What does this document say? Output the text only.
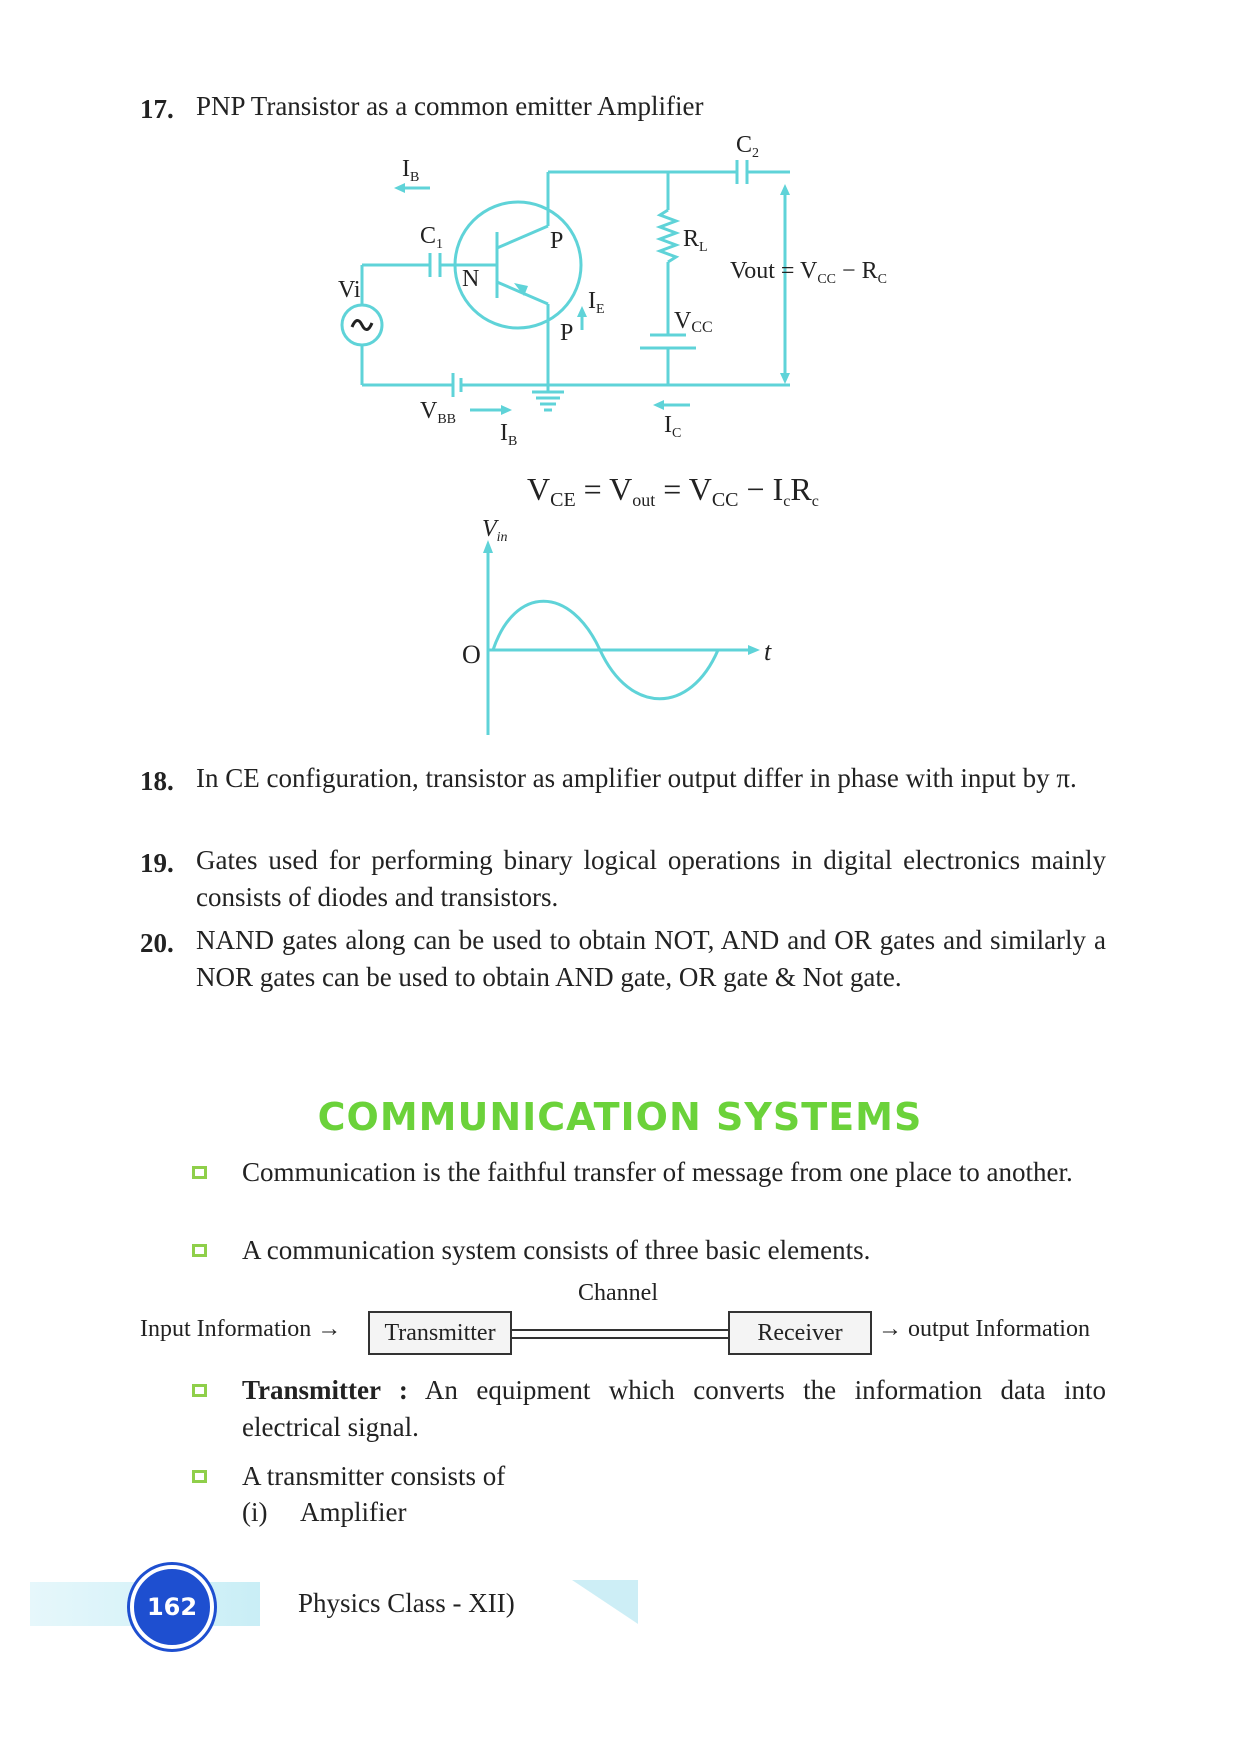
17. PNP Transistor as a common emitter Amplifier
$I_B$
$C_1$
$C_2$
P
N
P
$R_L$
Vi	$I_E$	VCC
Vout = $V_{CC} - R_C$
$V_{BB}$
$I_B$
$I_C$
VCE = Vout = VCC − IcRc
$V_{in}$
O	t
18. In CE configuration, transistor as amplifier output differ in phase with input by π.
19. Gates used for performing binary logical operations in digital electronics mainly consists of diodes and transistors.
20. NAND gates along can be used to obtain NOT, AND and OR gates and similarly a NOR gates can be used to obtain AND gate, OR gate & Not gate.
COMMUNICATION SYSTEMS
Communication is the faithful transfer of message from one place to another.
A communication system consists of three basic elements.
Input Information →	Transmitter
Channel
Receiver	→ output Information
Transmitter : An equipment which converts the information data into electrical signal.
A transmitter consists of
(i) Amplifier
162	Physics Class - XII)
